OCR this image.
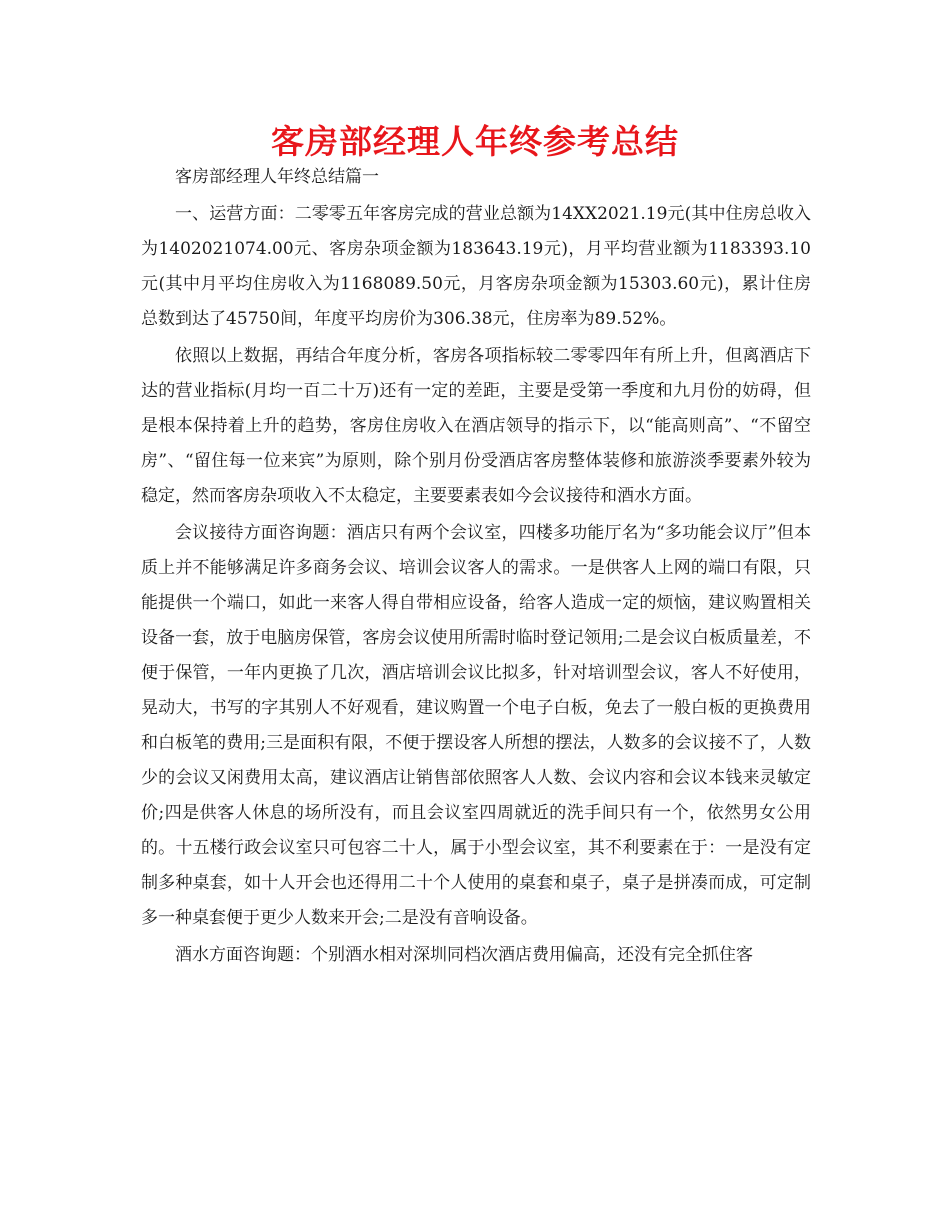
客房部经理人年终参考总结

客房部经理人年终总结篇一

一、运营方面：二零零五年客房完成的营业总额为14XX2021.19元(其中住房总收入为1402021074.00元、客房杂项金额为183643.19元)，月平均营业额为1183393.10元(其中月平均住房收入为1168089.50元，月客房杂项金额为15303.60元)，累计住房总数到达了45750间，年度平均房价为306.38元，住房率为89.52%。

依照以上数据，再结合年度分析，客房各项指标较二零零四年有所上升，但离酒店下达的营业指标(月均一百二十万)还有一定的差距，主要是受第一季度和九月份的妨碍，但是根本保持着上升的趋势，客房住房收入在酒店领导的指示下，以“能高则高”、“不留空房”、“留住每一位来宾”为原则，除个别月份受酒店客房整体装修和旅游淡季要素外较为稳定，然而客房杂项收入不太稳定，主要要素表如今会议接待和酒水方面。

会议接待方面咨询题：酒店只有两个会议室，四楼多功能厅名为“多功能会议厅”但本质上并不能够满足许多商务会议、培训会议客人的需求。一是供客人上网的端口有限，只能提供一个端口，如此一来客人得自带相应设备，给客人造成一定的烦恼，建议购置相关设备一套，放于电脑房保管，客房会议使用所需时临时登记领用;二是会议白板质量差，不便于保管，一年内更换了几次，酒店培训会议比拟多，针对培训型会议，客人不好使用，晃动大，书写的字其别人不好观看，建议购置一个电子白板，免去了一般白板的更换费用和白板笔的费用;三是面积有限，不便于摆设客人所想的摆法，人数多的会议接不了，人数少的会议又闲费用太高，建议酒店让销售部依照客人人数、会议内容和会议本钱来灵敏定价;四是供客人休息的场所没有，而且会议室四周就近的洗手间只有一个，依然男女公用的。十五楼行政会议室只可包容二十人，属于小型会议室，其不利要素在于：一是没有定制多种桌套，如十人开会也还得用二十个人使用的桌套和桌子，桌子是拼凑而成，可定制多一种桌套便于更少人数来开会;二是没有音响设备。

酒水方面咨询题：个别酒水相对深圳同档次酒店费用偏高，还没有完全抓住客
